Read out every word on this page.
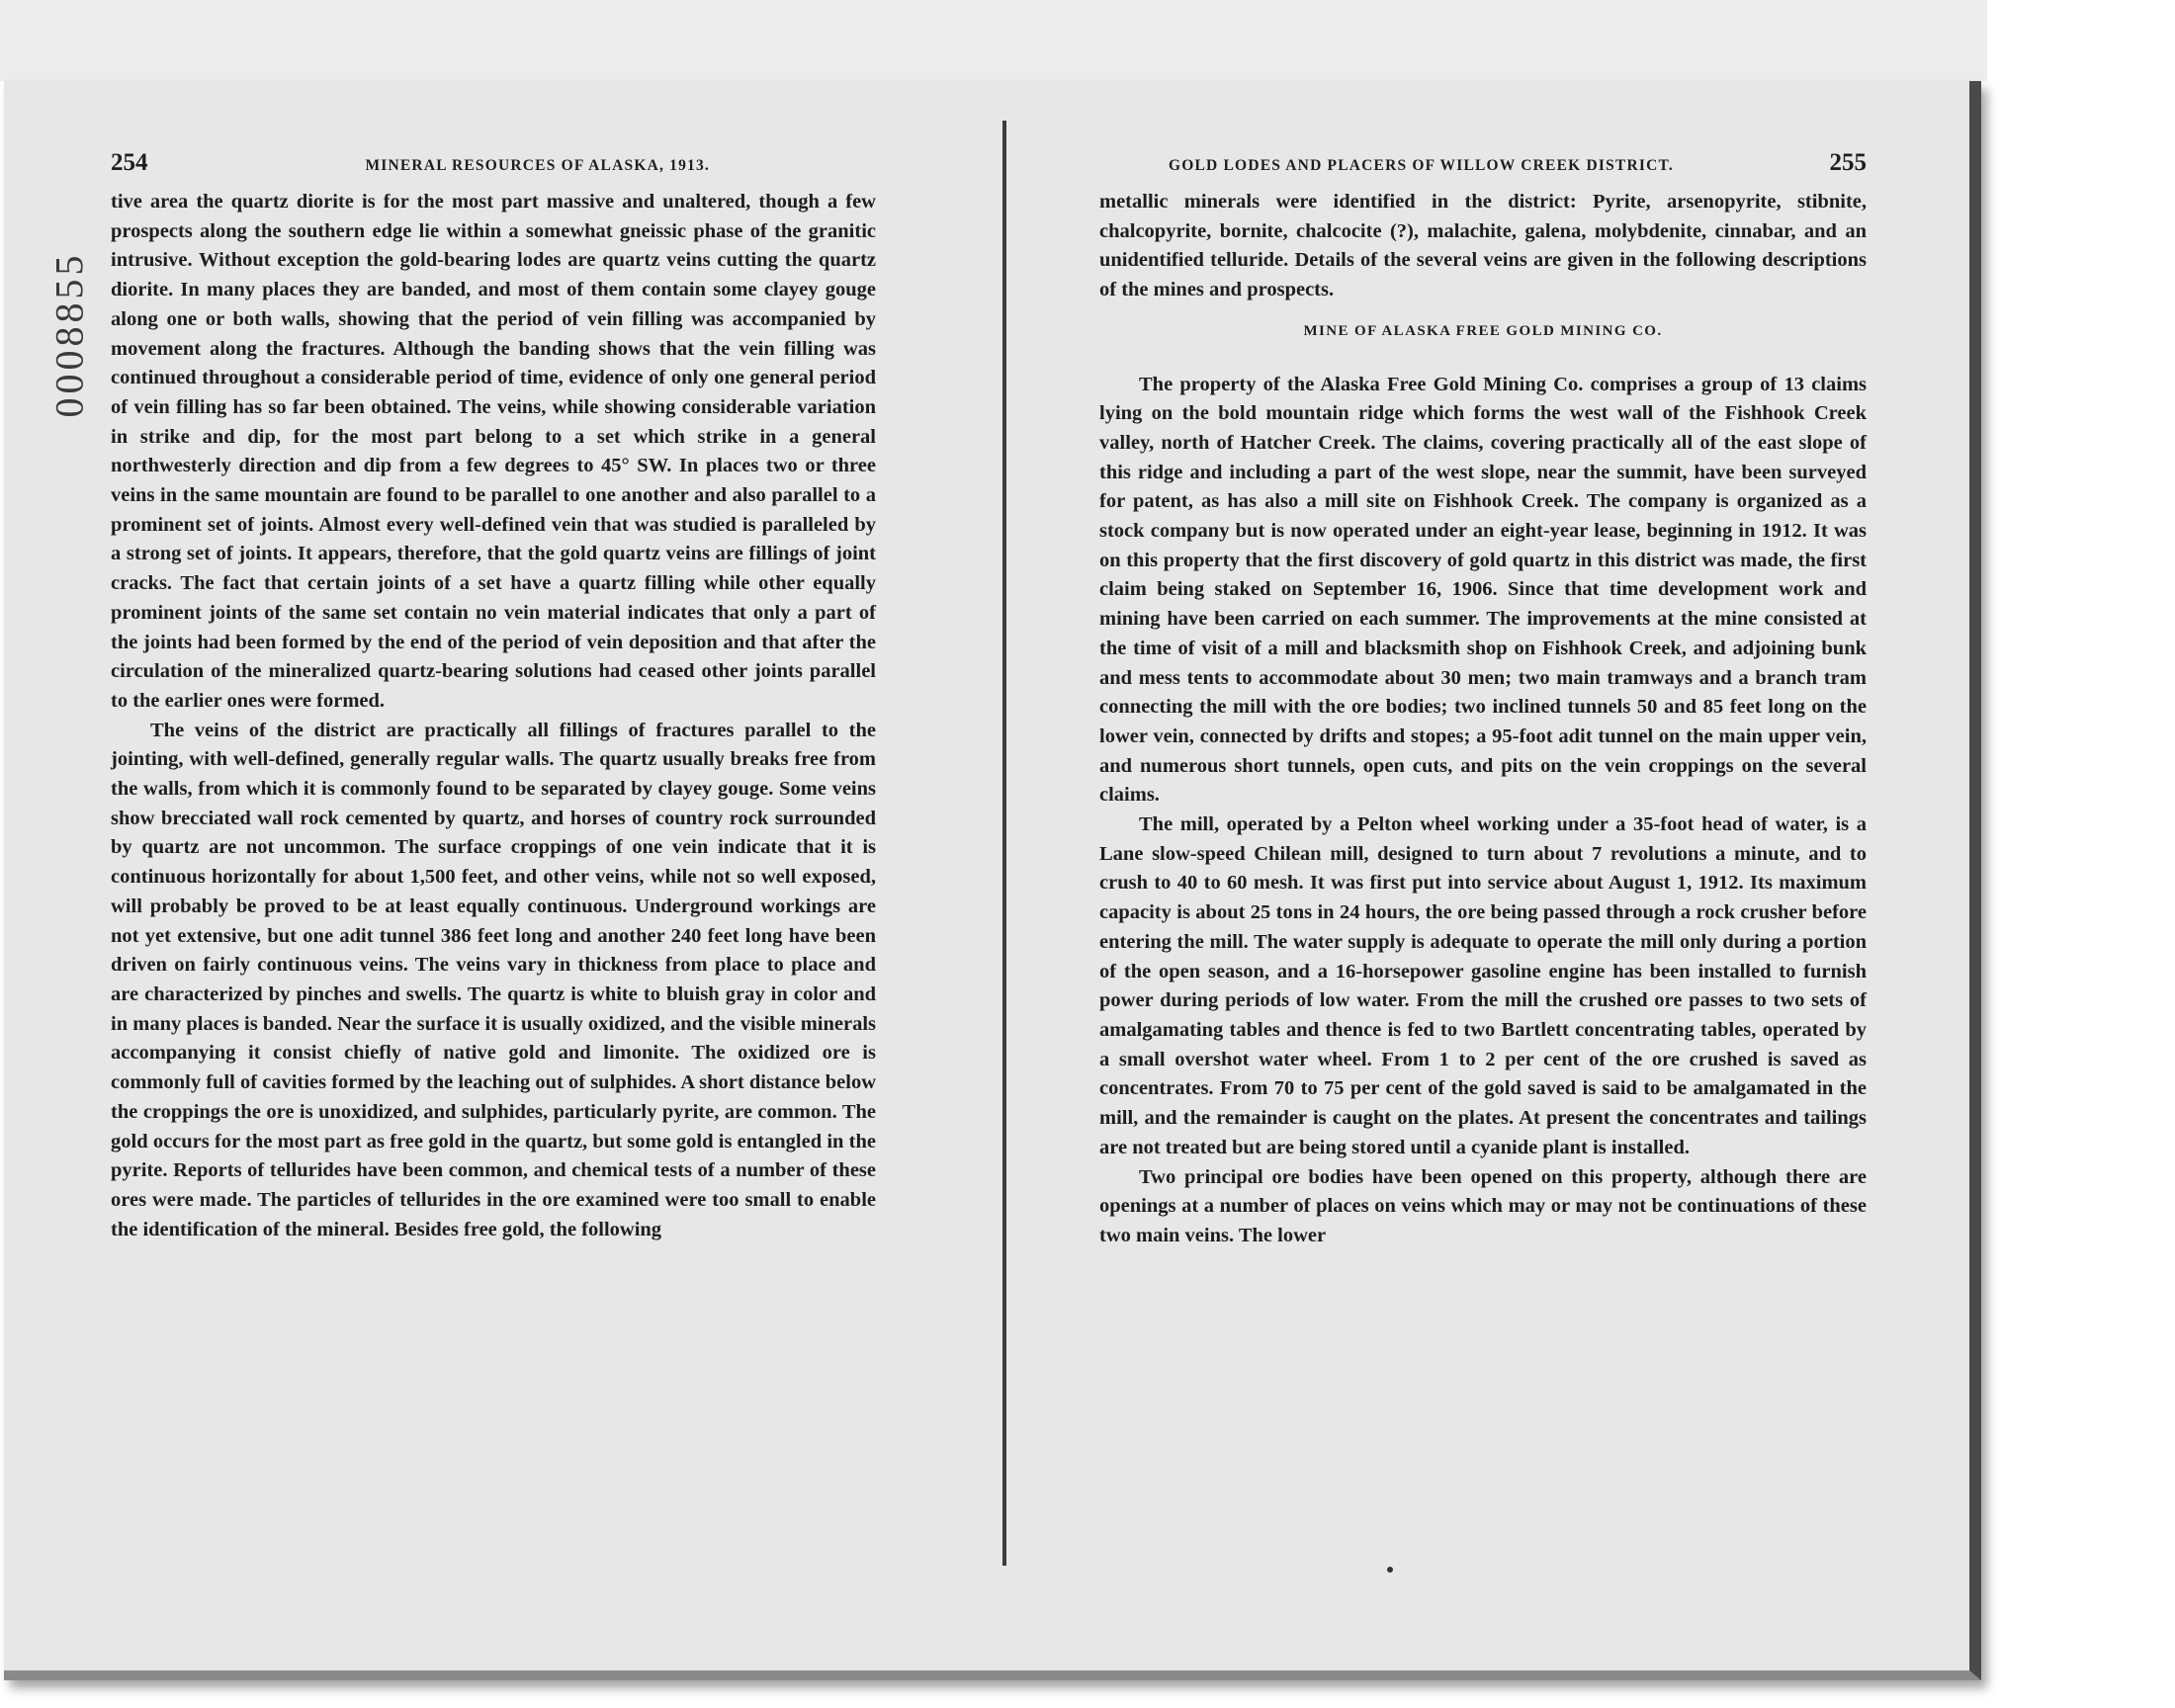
0008855
254	MINERAL RESOURCES OF ALASKA, 1913.

tive area the quartz diorite is for the most part massive and unaltered, though a few prospects along the southern edge lie within a somewhat gneissic phase of the granitic intrusive. Without exception the gold-bearing lodes are quartz veins cutting the quartz diorite. In many places they are banded, and most of them contain some clayey gouge along one or both walls, showing that the period of vein filling was accompanied by movement along the fractures. Although the banding shows that the vein filling was continued throughout a considerable period of time, evidence of only one general period of vein filling has so far been obtained. The veins, while showing considerable variation in strike and dip, for the most part belong to a set which strike in a general northwesterly direction and dip from a few degrees to 45° SW. In places two or three veins in the same mountain are found to be parallel to one another and also parallel to a prominent set of joints. Almost every well-defined vein that was studied is paralleled by a strong set of joints. It appears, therefore, that the gold quartz veins are fillings of joint cracks. The fact that certain joints of a set have a quartz filling while other equally prominent joints of the same set contain no vein material indicates that only a part of the joints had been formed by the end of the period of vein deposition and that after the circulation of the mineralized quartz-bearing solutions had ceased other joints parallel to the earlier ones were formed.

The veins of the district are practically all fillings of fractures parallel to the jointing, with well-defined, generally regular walls. The quartz usually breaks free from the walls, from which it is commonly found to be separated by clayey gouge. Some veins show brecciated wall rock cemented by quartz, and horses of country rock surrounded by quartz are not uncommon. The surface croppings of one vein indicate that it is continuous horizontally for about 1,500 feet, and other veins, while not so well exposed, will probably be proved to be at least equally continuous. Underground workings are not yet extensive, but one adit tunnel 386 feet long and another 240 feet long have been driven on fairly continuous veins. The veins vary in thickness from place to place and are characterized by pinches and swells. The quartz is white to bluish gray in color and in many places is banded. Near the surface it is usually oxidized, and the visible minerals accompanying it consist chiefly of native gold and limonite. The oxidized ore is commonly full of cavities formed by the leaching out of sulphides. A short distance below the croppings the ore is unoxidized, and sulphides, particularly pyrite, are common. The gold occurs for the most part as free gold in the quartz, but some gold is entangled in the pyrite. Reports of tellurides have been common, and chemical tests of a number of these ores were made. The particles of tellurides in the ore examined were too small to enable the identification of the mineral. Besides free gold, the following

GOLD LODES AND PLACERS OF WILLOW CREEK DISTRICT.	255

metallic minerals were identified in the district: Pyrite, arsenopyrite, stibnite, chalcopyrite, bornite, chalcocite (?), malachite, galena, molybdenite, cinnabar, and an unidentified telluride. Details of the several veins are given in the following descriptions of the mines and prospects.

MINE OF ALASKA FREE GOLD MINING CO.

The property of the Alaska Free Gold Mining Co. comprises a group of 13 claims lying on the bold mountain ridge which forms the west wall of the Fishhook Creek valley, north of Hatcher Creek. The claims, covering practically all of the east slope of this ridge and including a part of the west slope, near the summit, have been surveyed for patent, as has also a mill site on Fishhook Creek. The company is organized as a stock company but is now operated under an eight-year lease, beginning in 1912. It was on this property that the first discovery of gold quartz in this district was made, the first claim being staked on September 16, 1906. Since that time development work and mining have been carried on each summer. The improvements at the mine consisted at the time of visit of a mill and blacksmith shop on Fishhook Creek, and adjoining bunk and mess tents to accommodate about 30 men; two main tramways and a branch tram connecting the mill with the ore bodies; two inclined tunnels 50 and 85 feet long on the lower vein, connected by drifts and stopes; a 95-foot adit tunnel on the main upper vein, and numerous short tunnels, open cuts, and pits on the vein croppings on the several claims.

The mill, operated by a Pelton wheel working under a 35-foot head of water, is a Lane slow-speed Chilean mill, designed to turn about 7 revolutions a minute, and to crush to 40 to 60 mesh. It was first put into service about August 1, 1912. Its maximum capacity is about 25 tons in 24 hours, the ore being passed through a rock crusher before entering the mill. The water supply is adequate to operate the mill only during a portion of the open season, and a 16-horsepower gasoline engine has been installed to furnish power during periods of low water. From the mill the crushed ore passes to two sets of amalgamating tables and thence is fed to two Bartlett concentrating tables, operated by a small overshot water wheel. From 1 to 2 per cent of the ore crushed is saved as concentrates. From 70 to 75 per cent of the gold saved is said to be amalgamated in the mill, and the remainder is caught on the plates. At present the concentrates and tailings are not treated but are being stored until a cyanide plant is installed.

Two principal ore bodies have been opened on this property, although there are openings at a number of places on veins which may or may not be continuations of these two main veins. The lower
